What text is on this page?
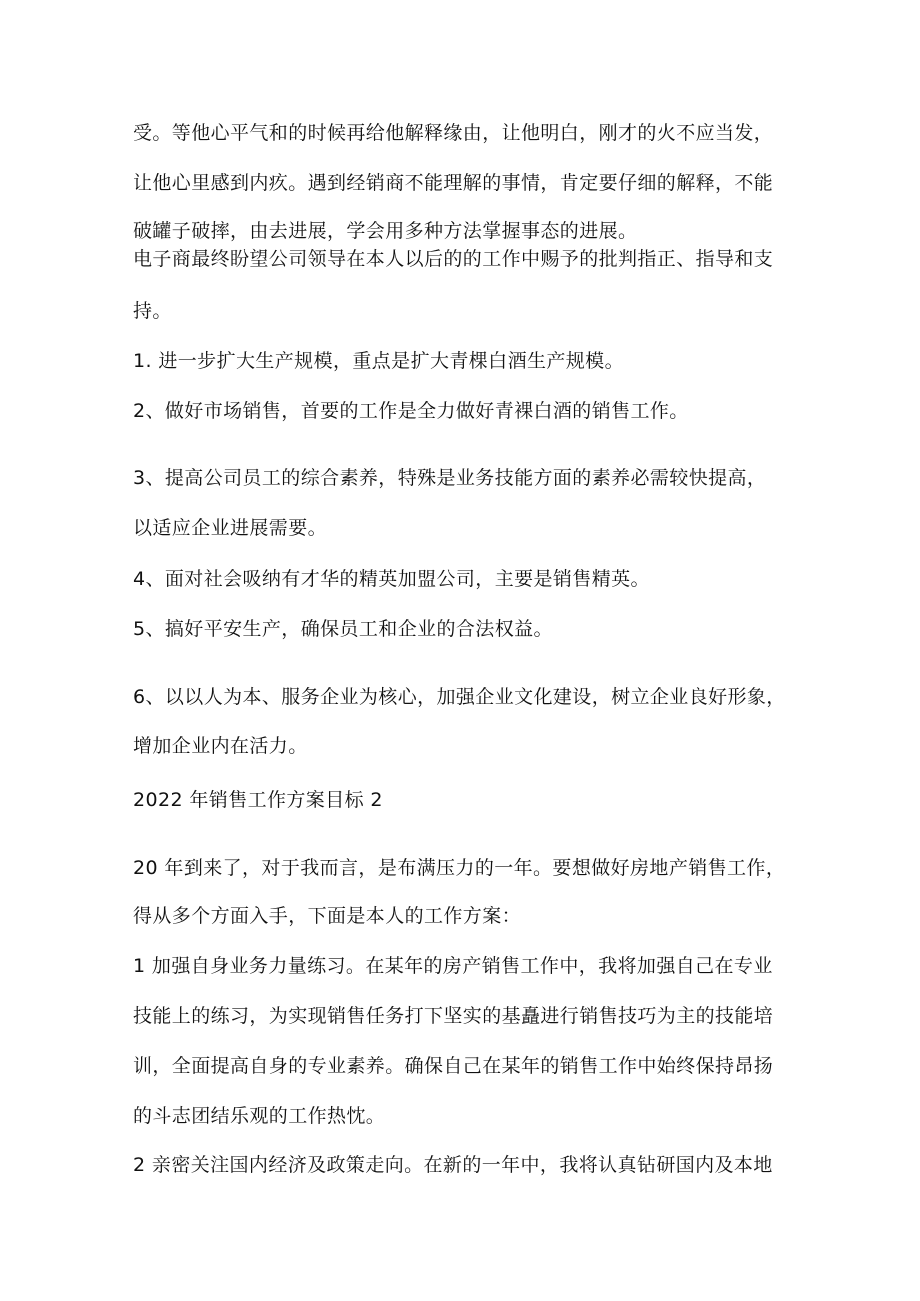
受。等他心平气和的时候再给他解释缘由，让他明白，刚才的火不应当发，
让他心里感到内疚。遇到经销商不能理解的事情，肯定要仔细的解释，不能
破罐子破摔，由去进展，学会用多种方法掌握事态的进展。
电子商最终盼望公司领导在本人以后的的工作中赐予的批判指正、指导和支
持。
1. 进一步扩大生产规模，重点是扩大青棵白酒生产规模。
2、做好市场销售，首要的工作是全力做好青裸白酒的销售工作。
3、提高公司员工的综合素养，特殊是业务技能方面的素养必需较快提高，
以适应企业进展需要。
4、面对社会吸纳有才华的精英加盟公司，主要是销售精英。
5、搞好平安生产，确保员工和企业的合法权益。
6、以以人为本、服务企业为核心，加强企业文化建设，树立企业良好形象，
增加企业内在活力。
2022 年销售工作方案目标 2
20 年到来了，对于我而言，是布满压力的一年。要想做好房地产销售工作，
得从多个方面入手，下面是本人的工作方案：
1 加强自身业务力量练习。在某年的房产销售工作中，我将加强自己在专业
技能上的练习，为实现销售任务打下坚实的基矗进行销售技巧为主的技能培
训，全面提高自身的专业素养。确保自己在某年的销售工作中始终保持昂扬
的斗志团结乐观的工作热忱。
2 亲密关注国内经济及政策走向。在新的一年中，我将认真钻研国内及本地
